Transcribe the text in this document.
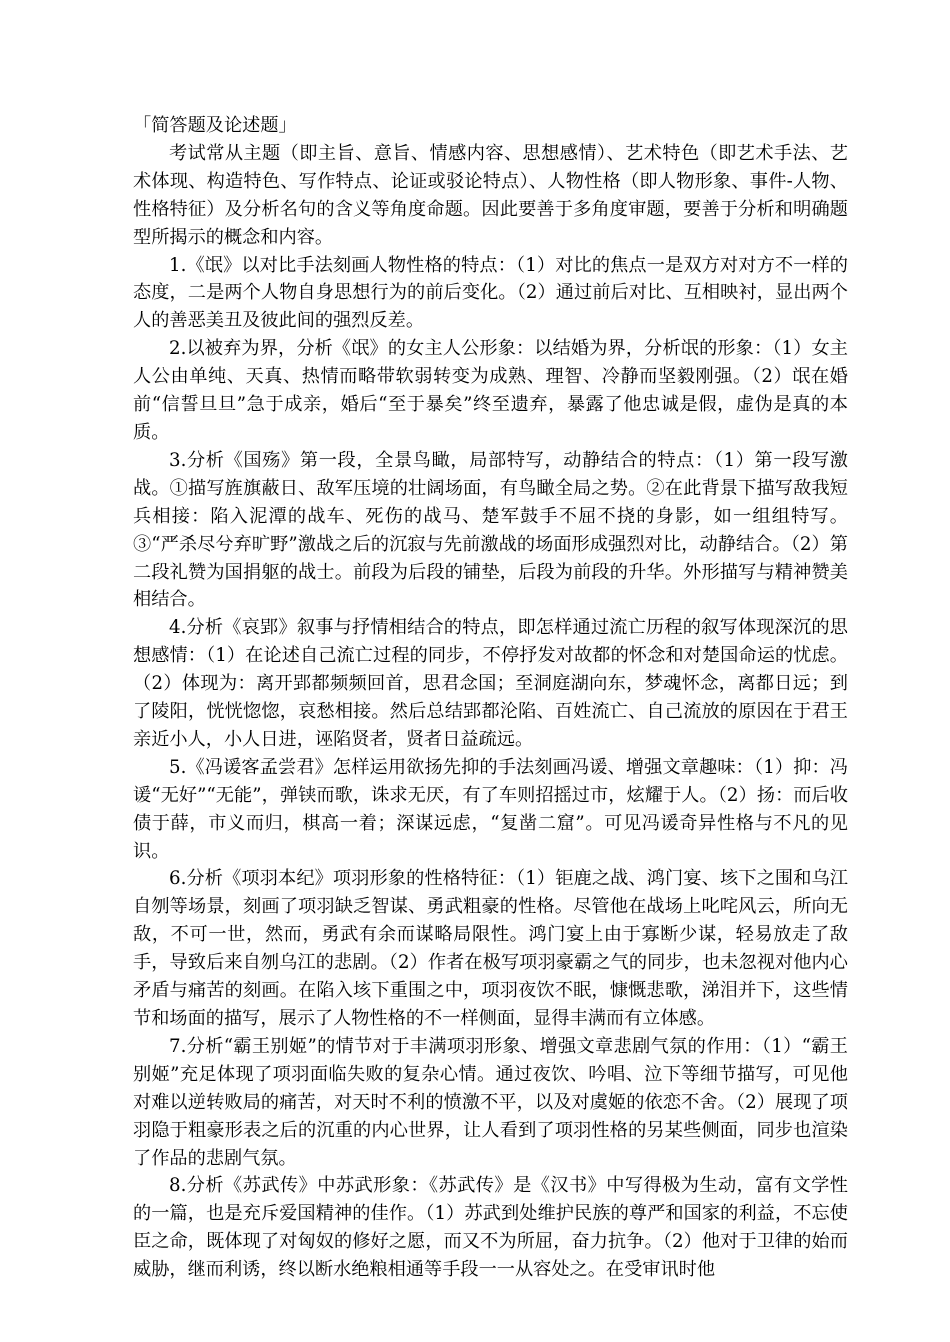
「简答题及论述题」

考试常从主题（即主旨、意旨、情感内容、思想感情）、艺术特色（即艺术手法、艺术体现、构造特色、写作特点、论证或驳论特点）、人物性格（即人物形象、事件-人物、性格特征）及分析名句的含义等角度命题。因此要善于多角度审题，要善于分析和明确题型所揭示的概念和内容。

1.《氓》以对比手法刻画人物性格的特点：（1）对比的焦点一是双方对对方不一样的态度，二是两个人物自身思想行为的前后变化。（2）通过前后对比、互相映衬，显出两个人的善恶美丑及彼此间的强烈反差。

2.以被弃为界，分析《氓》的女主人公形象：以结婚为界，分析氓的形象：（1）女主人公由单纯、天真、热情而略带软弱转变为成熟、理智、冷静而坚毅刚强。（2）氓在婚前“信誓旦旦”急于成亲，婚后“至于暴矣”终至遗弃，暴露了他忠诚是假，虚伪是真的本质。

3.分析《国殇》第一段，全景鸟瞰，局部特写，动静结合的特点：（1）第一段写激战。①描写旌旗蔽日、敌军压境的壮阔场面，有鸟瞰全局之势。②在此背景下描写敌我短兵相接：陷入泥潭的战车、死伤的战马、楚军鼓手不屈不挠的身影，如一组组特写。③“严杀尽兮弃旷野”激战之后的沉寂与先前激战的场面形成强烈对比，动静结合。（2）第二段礼赞为国捐躯的战士。前段为后段的铺垫，后段为前段的升华。外形描写与精神赞美相结合。

4.分析《哀郢》叙事与抒情相结合的特点，即怎样通过流亡历程的叙写体现深沉的思想感情：（1）在论述自己流亡过程的同步，不停抒发对故都的怀念和对楚国命运的忧虑。（2）体现为：离开郢都频频回首，思君念国；至洞庭湖向东，梦魂怀念，离都日远；到了陵阳，恍恍惚惚，哀愁相接。然后总结郢都沦陷、百姓流亡、自己流放的原因在于君王亲近小人，小人日进，诬陷贤者，贤者日益疏远。

5.《冯谖客孟尝君》怎样运用欲扬先抑的手法刻画冯谖、增强文章趣味：（1）抑：冯谖“无好”“无能”，弹铗而歌，诛求无厌，有了车则招摇过市，炫耀于人。（2）扬：而后收债于薛，市义而归，棋高一着；深谋远虑，“复凿二窟”。可见冯谖奇异性格与不凡的见识。

6.分析《项羽本纪》项羽形象的性格特征：（1）钜鹿之战、鸿门宴、垓下之围和乌江自刎等场景，刻画了项羽缺乏智谋、勇武粗豪的性格。尽管他在战场上叱咤风云，所向无敌，不可一世，然而，勇武有余而谋略局限性。鸿门宴上由于寡断少谋，轻易放走了敌手，导致后来自刎乌江的悲剧。（2）作者在极写项羽豪霸之气的同步，也未忽视对他内心矛盾与痛苦的刻画。在陷入垓下重围之中，项羽夜饮不眠，慷慨悲歌，涕泪并下，这些情节和场面的描写，展示了人物性格的不一样侧面，显得丰满而有立体感。

7.分析“霸王别姬”的情节对于丰满项羽形象、增强文章悲剧气氛的作用：（1）“霸王别姬”充足体现了项羽面临失败的复杂心情。通过夜饮、吟唱、泣下等细节描写，可见他对难以逆转败局的痛苦，对天时不利的愤激不平，以及对虞姬的依恋不舍。（2）展现了项羽隐于粗豪形表之后的沉重的内心世界，让人看到了项羽性格的另某些侧面，同步也渲染了作品的悲剧气氛。

8.分析《苏武传》中苏武形象：《苏武传》是《汉书》中写得极为生动，富有文学性的一篇，也是充斥爱国精神的佳作。（1）苏武到处维护民族的尊严和国家的利益，不忘使臣之命，既体现了对匈奴的修好之愿，而又不为所屈，奋力抗争。（2）他对于卫律的始而威胁，继而利诱，终以断水绝粮相通等手段一一从容处之。在受审讯时他
